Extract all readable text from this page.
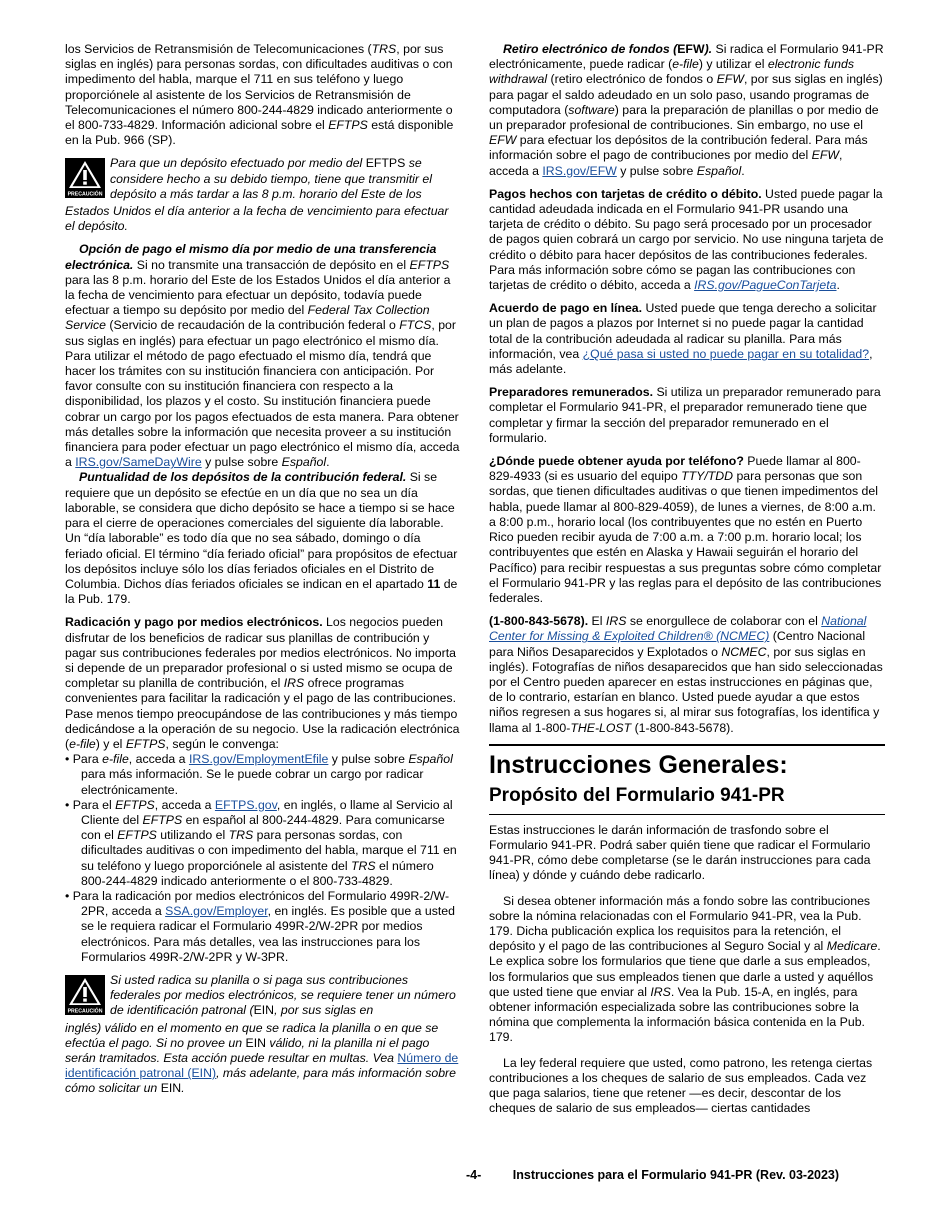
los Servicios de Retransmisión de Telecomunicaciones (TRS, por sus siglas en inglés) para personas sordas, con dificultades auditivas o con impedimento del habla, marque el 711 en sus teléfono y luego proporciónele al asistente de los Servicios de Retransmisión de Telecomunicaciones el número 800-244-4829 indicado anteriormente o el 800-733-4829. Información adicional sobre el EFTPS está disponible en la Pub. 966 (SP).

PRECAUCIÓN
Para que un depósito efectuado por medio del EFTPS se considere hecho a su debido tiempo, tiene que transmitir el depósito a más tardar a las 8 p.m. horario del Este de los

Estados Unidos el día anterior a la fecha de vencimiento para efectuar el depósito.

Opción de pago el mismo día por medio de una transferencia electrónica. Si no transmite una transacción de depósito en el EFTPS para las 8 p.m. horario del Este de los Estados Unidos el día anterior a la fecha de vencimiento para efectuar un depósito, todavía puede efectuar a tiempo su depósito por medio del Federal Tax Collection Service (Servicio de recaudación de la contribución federal o FTCS, por sus siglas en inglés) para efectuar un pago electrónico el mismo día. Para utilizar el método de pago efectuado el mismo día, tendrá que hacer los trámites con su institución financiera con anticipación. Por favor consulte con su institución financiera con respecto a la disponibilidad, los plazos y el costo. Su institución financiera puede cobrar un cargo por los pagos efectuados de esta manera. Para obtener más detalles sobre la información que necesita proveer a su institución financiera para poder efectuar un pago electrónico el mismo día, acceda a IRS.gov/SameDayWire y pulse sobre Español.

Puntualidad de los depósitos de la contribución federal. Si se requiere que un depósito se efectúe en un día que no sea un día laborable, se considera que dicho depósito se hace a tiempo si se hace para el cierre de operaciones comerciales del siguiente día laborable. Un “día laborable” es todo día que no sea sábado, domingo o día feriado oficial. El término “día feriado oficial” para propósitos de efectuar los depósitos incluye sólo los días feriados oficiales en el Distrito de Columbia. Dichos días feriados oficiales se indican en el apartado 11 de la Pub. 179.

Radicación y pago por medios electrónicos. Los negocios pueden disfrutar de los beneficios de radicar sus planillas de contribución y pagar sus contribuciones federales por medios electrónicos. No importa si depende de un preparador profesional o si usted mismo se ocupa de completar su planilla de contribución, el IRS ofrece programas convenientes para facilitar la radicación y el pago de las contribuciones. Pase menos tiempo preocupándose de las contribuciones y más tiempo dedicándose a la operación de su negocio. Use la radicación electrónica (e-file) y el EFTPS, según le convenga:

• Para e-file, acceda a IRS.gov/EmploymentEfile y pulse sobre Español para más información. Se le puede cobrar un cargo por radicar electrónicamente.

• Para el EFTPS, acceda a EFTPS.gov, en inglés, o llame al Servicio al Cliente del EFTPS en español al 800-244-4829. Para comunicarse con el EFTPS utilizando el TRS para personas sordas, con dificultades auditivas o con impedimento del habla, marque el 711 en su teléfono y luego proporciónele al asistente del TRS el número 800-244-4829 indicado anteriormente o el 800-733-4829.

• Para la radicación por medios electrónicos del Formulario 499R-2/W-2PR, acceda a SSA.gov/Employer, en inglés. Es posible que a usted se le requiera radicar el Formulario 499R-2/W-2PR por medios electrónicos. Para más detalles, vea las instrucciones para los Formularios 499R-2/W-2PR y W-3PR.

PRECAUCIÓN
Si usted radica su planilla o si paga sus contribuciones federales por medios electrónicos, se requiere tener un número de identificación patronal (EIN, por sus siglas en

inglés) válido en el momento en que se radica la planilla o en que se efectúa el pago. Si no provee un EIN válido, ni la planilla ni el pago serán tramitados. Esta acción puede resultar en multas. Vea Número de identificación patronal (EIN), más adelante, para más información sobre cómo solicitar un EIN.

Retiro electrónico de fondos (EFW). Si radica el Formulario 941-PR electrónicamente, puede radicar (e-file) y utilizar el electronic funds withdrawal (retiro electrónico de fondos o EFW, por sus siglas en inglés) para pagar el saldo adeudado en un solo paso, usando programas de computadora (software) para la preparación de planillas o por medio de un preparador profesional de contribuciones. Sin embargo, no use el EFW para efectuar los depósitos de la contribución federal. Para más información sobre el pago de contribuciones por medio del EFW, acceda a IRS.gov/EFW y pulse sobre Español.

Pagos hechos con tarjetas de crédito o débito. Usted puede pagar la cantidad adeudada indicada en el Formulario 941-PR usando una tarjeta de crédito o débito. Su pago será procesado por un procesador de pagos quien cobrará un cargo por servicio. No use ninguna tarjeta de crédito o débito para hacer depósitos de las contribuciones federales. Para más información sobre cómo se pagan las contribuciones con tarjetas de crédito o débito, acceda a IRS.gov/PagueConTarjeta.

Acuerdo de pago en línea. Usted puede que tenga derecho a solicitar un plan de pagos a plazos por Internet si no puede pagar la cantidad total de la contribución adeudada al radicar su planilla. Para más información, vea ¿Qué pasa si usted no puede pagar en su totalidad?, más adelante.

Preparadores remunerados. Si utiliza un preparador remunerado para completar el Formulario 941-PR, el preparador remunerado tiene que completar y firmar la sección del preparador remunerado en el formulario.

¿Dónde puede obtener ayuda por teléfono? Puede llamar al 800-829-4933 (si es usuario del equipo TTY/TDD para personas que son sordas, que tienen dificultades auditivas o que tienen impedimentos del habla, puede llamar al 800-829-4059), de lunes a viernes, de 8:00 a.m. a 8:00 p.m., horario local (los contribuyentes que no estén en Puerto Rico pueden recibir ayuda de 7:00 a.m. a 7:00 p.m. horario local; los contribuyentes que estén en Alaska y Hawaii seguirán el horario del Pacífico) para recibir respuestas a sus preguntas sobre cómo completar el Formulario 941-PR y las reglas para el depósito de las contribuciones federales.

(1-800-843-5678). El IRS se enorgullece de colaborar con el National Center for Missing & Exploited Children® (NCMEC) (Centro Nacional para Niños Desaparecidos y Explotados o NCMEC, por sus siglas en inglés). Fotografías de niños desaparecidos que han sido seleccionadas por el Centro pueden aparecer en estas instrucciones en páginas que, de lo contrario, estarían en blanco. Usted puede ayudar a que estos niños regresen a sus hogares si, al mirar sus fotografías, los identifica y llama al 1-800-THE-LOST (1-800-843-5678).

Instrucciones Generales:
Propósito del Formulario 941-PR

Estas instrucciones le darán información de trasfondo sobre el Formulario 941-PR. Podrá saber quién tiene que radicar el Formulario 941-PR, cómo debe completarse (se le darán instrucciones para cada línea) y dónde y cuándo debe radicarlo.

Si desea obtener información más a fondo sobre las contribuciones sobre la nómina relacionadas con el Formulario 941-PR, vea la Pub. 179. Dicha publicación explica los requisitos para la retención, el depósito y el pago de las contribuciones al Seguro Social y al Medicare. Le explica sobre los formularios que tiene que darle a sus empleados, los formularios que sus empleados tienen que darle a usted y aquéllos que usted tiene que enviar al IRS. Vea la Pub. 15-A, en inglés, para obtener información especializada sobre las contribuciones sobre la nómina que complementa la información básica contenida en la Pub. 179.

La ley federal requiere que usted, como patrono, les retenga ciertas contribuciones a los cheques de salario de sus empleados. Cada vez que paga salarios, tiene que retener —es decir, descontar de los cheques de salario de sus empleados— ciertas cantidades

-4-	Instrucciones para el Formulario 941-PR (Rev. 03-2023)
